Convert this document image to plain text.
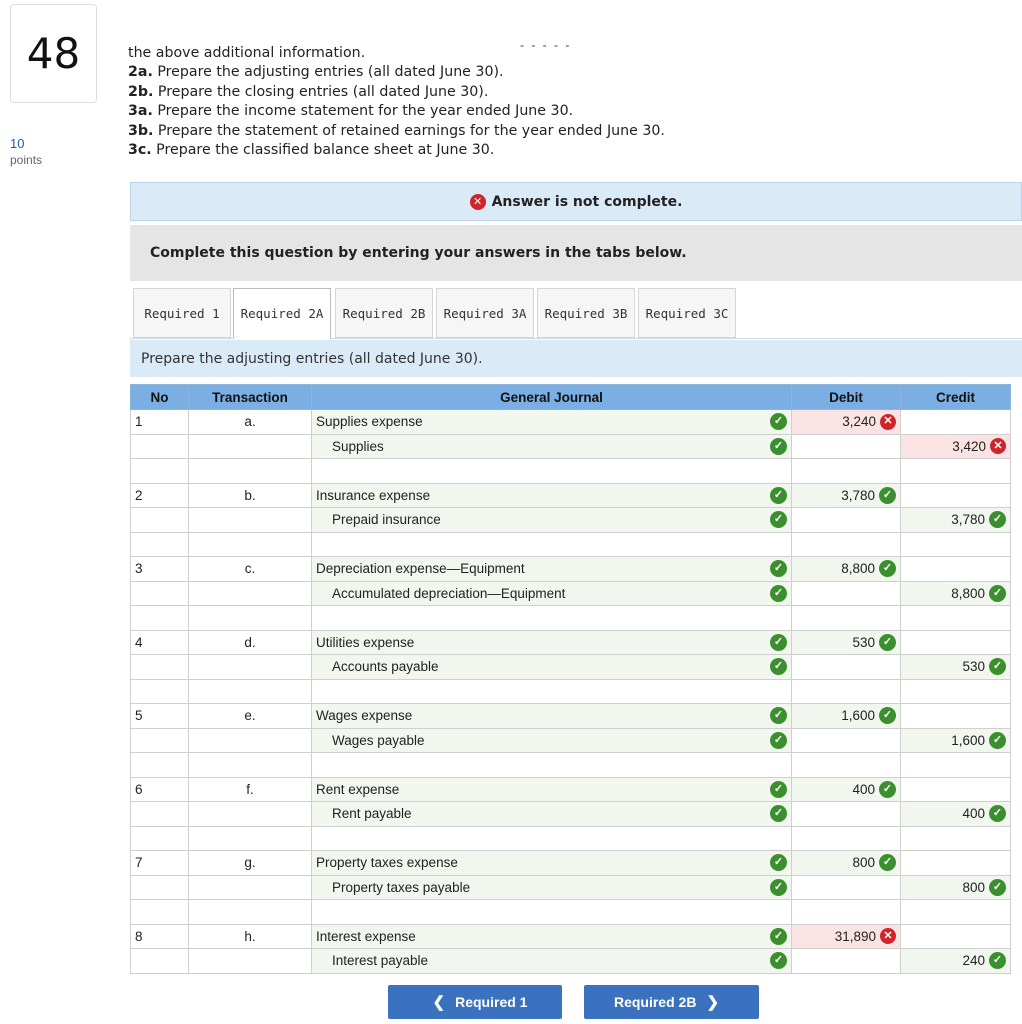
48
10
points
- - - - -
the above additional information.
2a. Prepare the adjusting entries (all dated June 30).
2b. Prepare the closing entries (all dated June 30).
3a. Prepare the income statement for the year ended June 30.
3b. Prepare the statement of retained earnings for the year ended June 30.
3c. Prepare the classified balance sheet at June 30.
✕ Answer is not complete.
Complete this question by entering your answers in the tabs below.
Required 1	Required 2A	Required 2B	Required 3A	Required 3B	Required 3C
Prepare the adjusting entries (all dated June 30).
No	Transaction	General Journal	Debit	Credit
1	a.	Supplies expense ✓	3,240 ✕	

		Supplies ✓		3,420 ✕

2	b.	Insurance expense ✓	3,780 ✓	

		Prepaid insurance ✓		3,780 ✓

3	c.	Depreciation expense—Equipment ✓	8,800 ✓	

		Accumulated depreciation—Equipment ✓		8,800 ✓

4	d.	Utilities expense ✓	530 ✓	

		Accounts payable ✓		530 ✓

5	e.	Wages expense ✓	1,600 ✓	

		Wages payable ✓		1,600 ✓

6	f.	Rent expense ✓	400 ✓	

		Rent payable ✓		400 ✓

7	g.	Property taxes expense ✓	800 ✓	

		Property taxes payable ✓		800 ✓

8	h.	Interest expense ✓	31,890 ✕	

		Interest payable ✓		240 ✓
❮ Required 1	Required 2B ❯
